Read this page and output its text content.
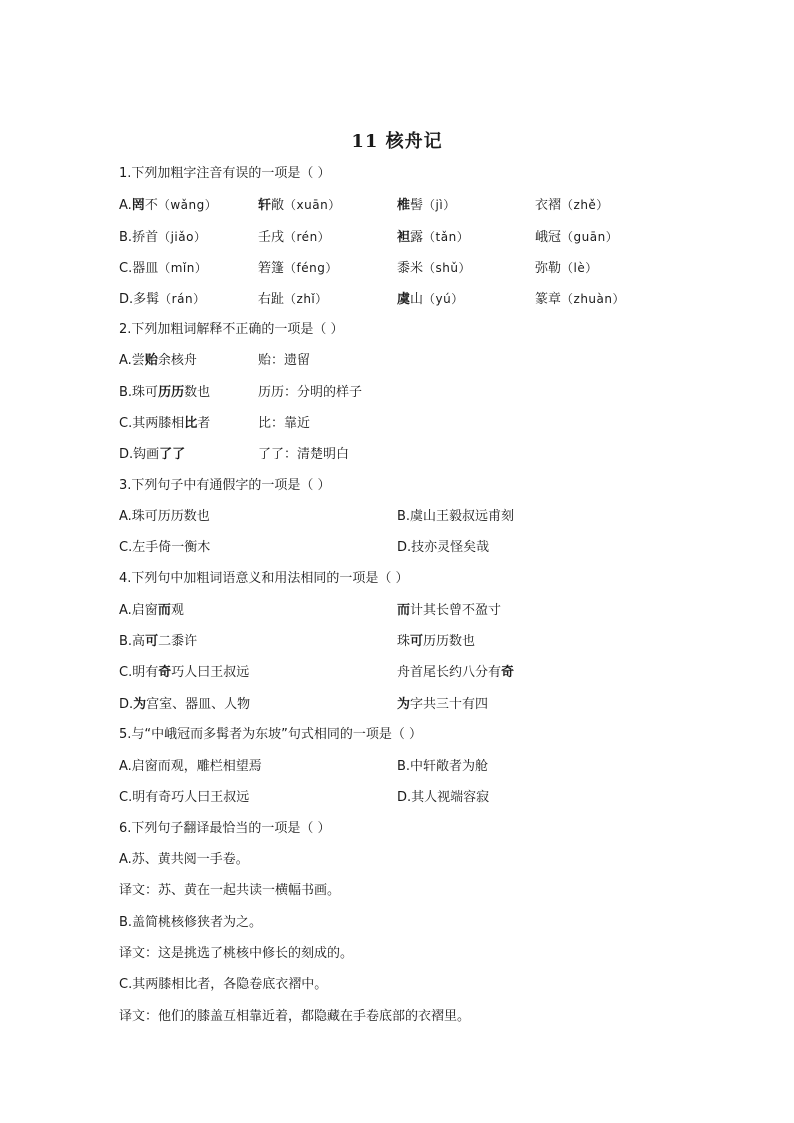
11 核舟记
1.下列加粗字注音有误的一项是（ ）
A.罔不（wǎng）	轩敞（xuān）	椎髻（jì）	衣褶（zhě）
B.挢首（jiǎo）	壬戌（rén）	袒露（tǎn）	峨冠（guān）
C.器皿（mǐn）	箬篷（féng）	黍米（shǔ）	弥勒（lè）
D.多髯（rán）	右趾（zhǐ）	虞山（yú）	篆章（zhuàn）
2.下列加粗词解释不正确的一项是（ ）
A.尝贻余核舟	贻：遗留
B.珠可历历数也	历历：分明的样子
C.其两膝相比者	比：靠近
D.钩画了了	了了：清楚明白
3.下列句子中有通假字的一项是（ ）
A.珠可历历数也	B.虞山王毅叔远甫刻
C.左手倚一衡木	D.技亦灵怪矣哉
4.下列句中加粗词语意义和用法相同的一项是（ ）
A.启窗而观	而计其长曾不盈寸
B.高可二黍许	珠可历历数也
C.明有奇巧人曰王叔远	舟首尾长约八分有奇
D.为宫室、器皿、人物	为字共三十有四
5.与“中峨冠而多髯者为东坡”句式相同的一项是（ ）
A.启窗而观，雕栏相望焉	B.中轩敞者为舱
C.明有奇巧人曰王叔远	D.其人视端容寂
6.下列句子翻译最恰当的一项是（ ）
A.苏、黄共阅一手卷。
译文：苏、黄在一起共读一横幅书画。
B.盖简桃核修狭者为之。
译文：这是挑选了桃核中修长的刻成的。
C.其两膝相比者，各隐卷底衣褶中。
译文：他们的膝盖互相靠近着，都隐藏在手卷底部的衣褶里。
